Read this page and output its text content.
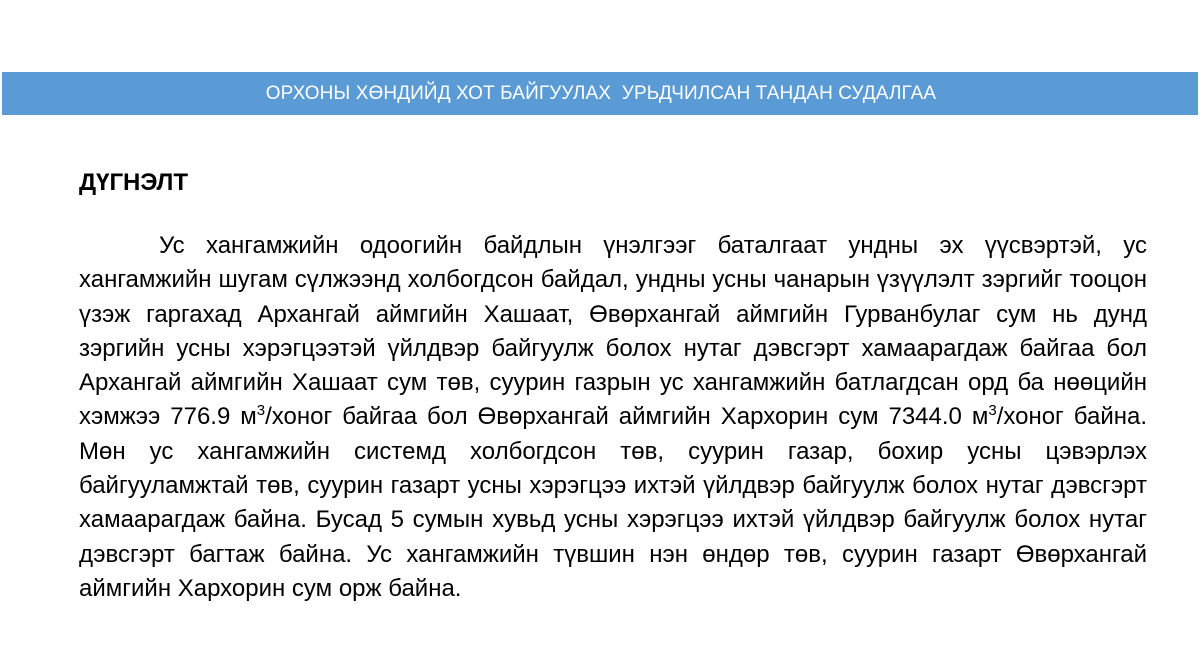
ОРХОНЫ ХӨНДИЙД ХОТ БАЙГУУЛАХ  УРЬДЧИЛСАН ТАНДАН СУДАЛГАА
ДҮГНЭЛТ

Ус хангамжийн одоогийн байдлын үнэлгээг баталгаат ундны эх үүсвэртэй, ус хангамжийн шугам сүлжээнд холбогдсон байдал, ундны усны чанарын үзүүлэлт зэргийг тооцон үзэж гаргахад Архангай аймгийн Хашаат, Өвөрхангай аймгийн Гурванбулаг сум нь дунд зэргийн усны хэрэгцээтэй үйлдвэр байгуулж болох нутаг дэвсгэрт хамаарагдаж байгаа бол Архангай аймгийн Хашаат сум төв, суурин газрын ус хангамжийн батлагдсан орд ба нөөцийн хэмжээ 776.9 $м^3$/хоног байгаа бол Өвөрхангай аймгийн Хархорин сум 7344.0 $м^3$/хоног байна. Мөн ус хангамжийн системд холбогдсон төв, суурин газар, бохир усны цэвэрлэх байгууламжтай төв, суурин газарт усны хэрэгцээ ихтэй үйлдвэр байгуулж болох нутаг дэвсгэрт хамаарагдаж байна. Бусад 5 сумын хувьд усны хэрэгцээ ихтэй үйлдвэр байгуулж болох нутаг дэвсгэрт багтаж байна. Ус хангамжийн түвшин нэн өндөр төв, суурин газарт Өвөрхангай аймгийн Хархорин сум орж байна.
